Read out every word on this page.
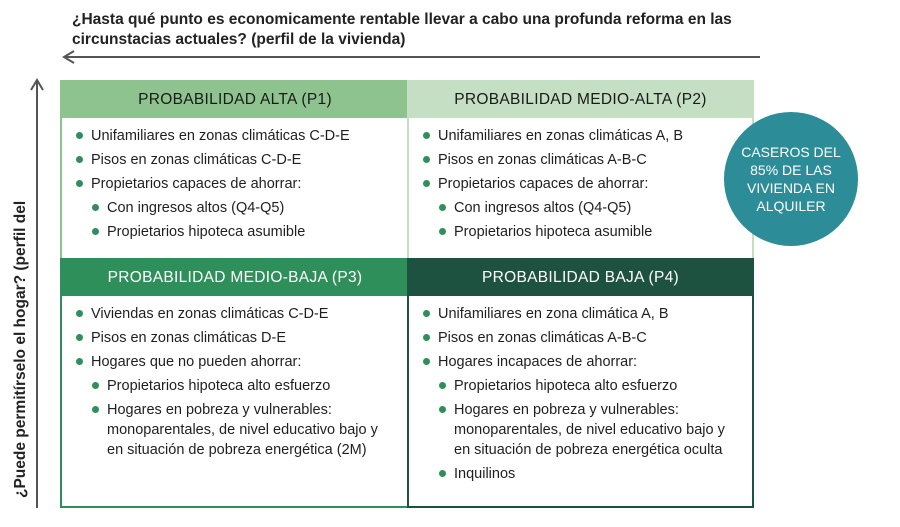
¿Hasta qué punto es economicamente rentable llevar a cabo una profunda reforma en las circunstacias actuales? (perfil de la vivienda)
¿Puede permitírselo el hogar? (perfil del
PROBABILIDAD ALTA (P1)
Unifamiliares en zonas climáticas C-D-E
Pisos en zonas climáticas C-D-E
Propietarios capaces de ahorrar:
Con ingresos altos (Q4-Q5)
Propietarios hipoteca asumible
PROBABILIDAD MEDIO-ALTA (P2)
Unifamiliares en zonas climáticas A, B
Pisos en zonas climáticas A-B-C
Propietarios capaces de ahorrar:
Con ingresos altos (Q4-Q5)
Propietarios hipoteca asumible
PROBABILIDAD MEDIO-BAJA (P3)
Viviendas en zonas climáticas C-D-E
Pisos en zonas climáticas D-E
Hogares que no pueden ahorrar:
Propietarios hipoteca alto esfuerzo
Hogares en pobreza y vulnerables: monoparentales, de nivel educativo bajo y en situación de pobreza energética (2M)
PROBABILIDAD BAJA (P4)
Unifamiliares en zona climática A, B
Pisos en zonas climáticas A-B-C
Hogares incapaces de ahorrar:
Propietarios hipoteca alto esfuerzo
Hogares en pobreza y vulnerables: monoparentales, de nivel educativo bajo y en situación de pobreza energética oculta
Inquilinos
CASEROS DEL 85% DE LAS VIVIENDA EN ALQUILER
